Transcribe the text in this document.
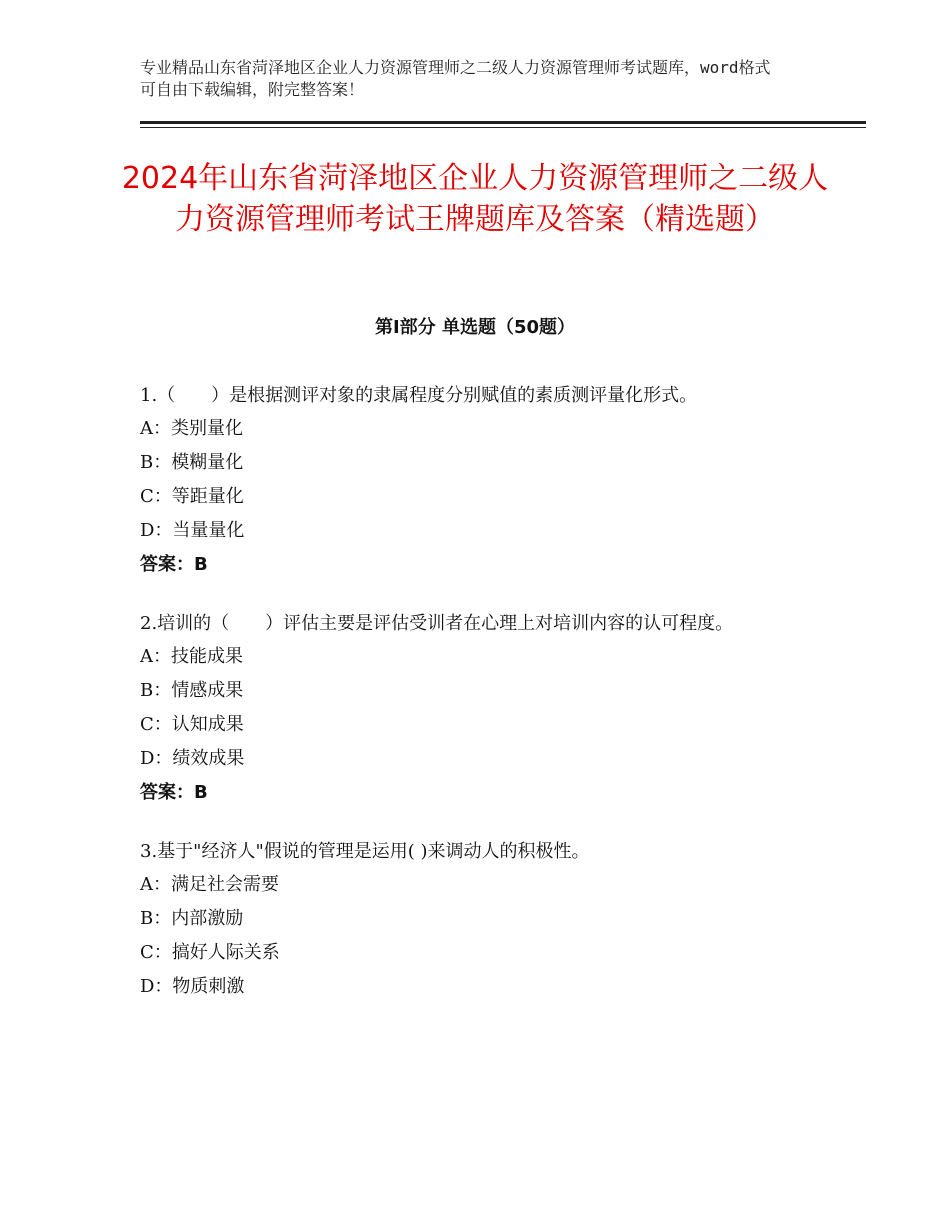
专业精品山东省菏泽地区企业人力资源管理师之二级人力资源管理师考试题库，word格式可自由下载编辑，附完整答案！
2024年山东省菏泽地区企业人力资源管理师之二级人力资源管理师考试王牌题库及答案（精选题）
第Ⅰ部分 单选题（50题）
1.（　　）是根据测评对象的隶属程度分别赋值的素质测评量化形式。
A：类别量化
B：模糊量化
C：等距量化
D：当量量化
答案：B
2.培训的（　　）评估主要是评估受训者在心理上对培训内容的认可程度。
A：技能成果
B：情感成果
C：认知成果
D：绩效成果
答案：B
3.基于"经济人"假说的管理是运用( )来调动人的积极性。
A：满足社会需要
B：内部激励
C：搞好人际关系
D：物质刺激
